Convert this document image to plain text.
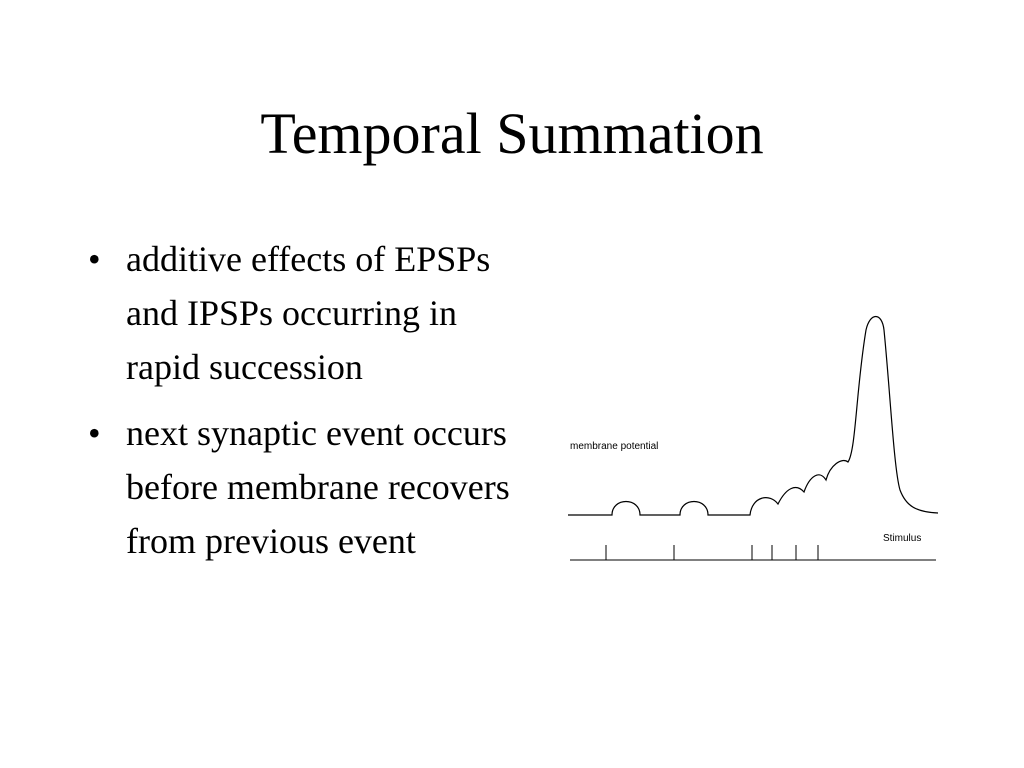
Temporal Summation
• additive effects of EPSPs and IPSPs occurring in rapid succession
• next synaptic event occurs before membrane recovers from previous event
membrane potential
Stimulus
